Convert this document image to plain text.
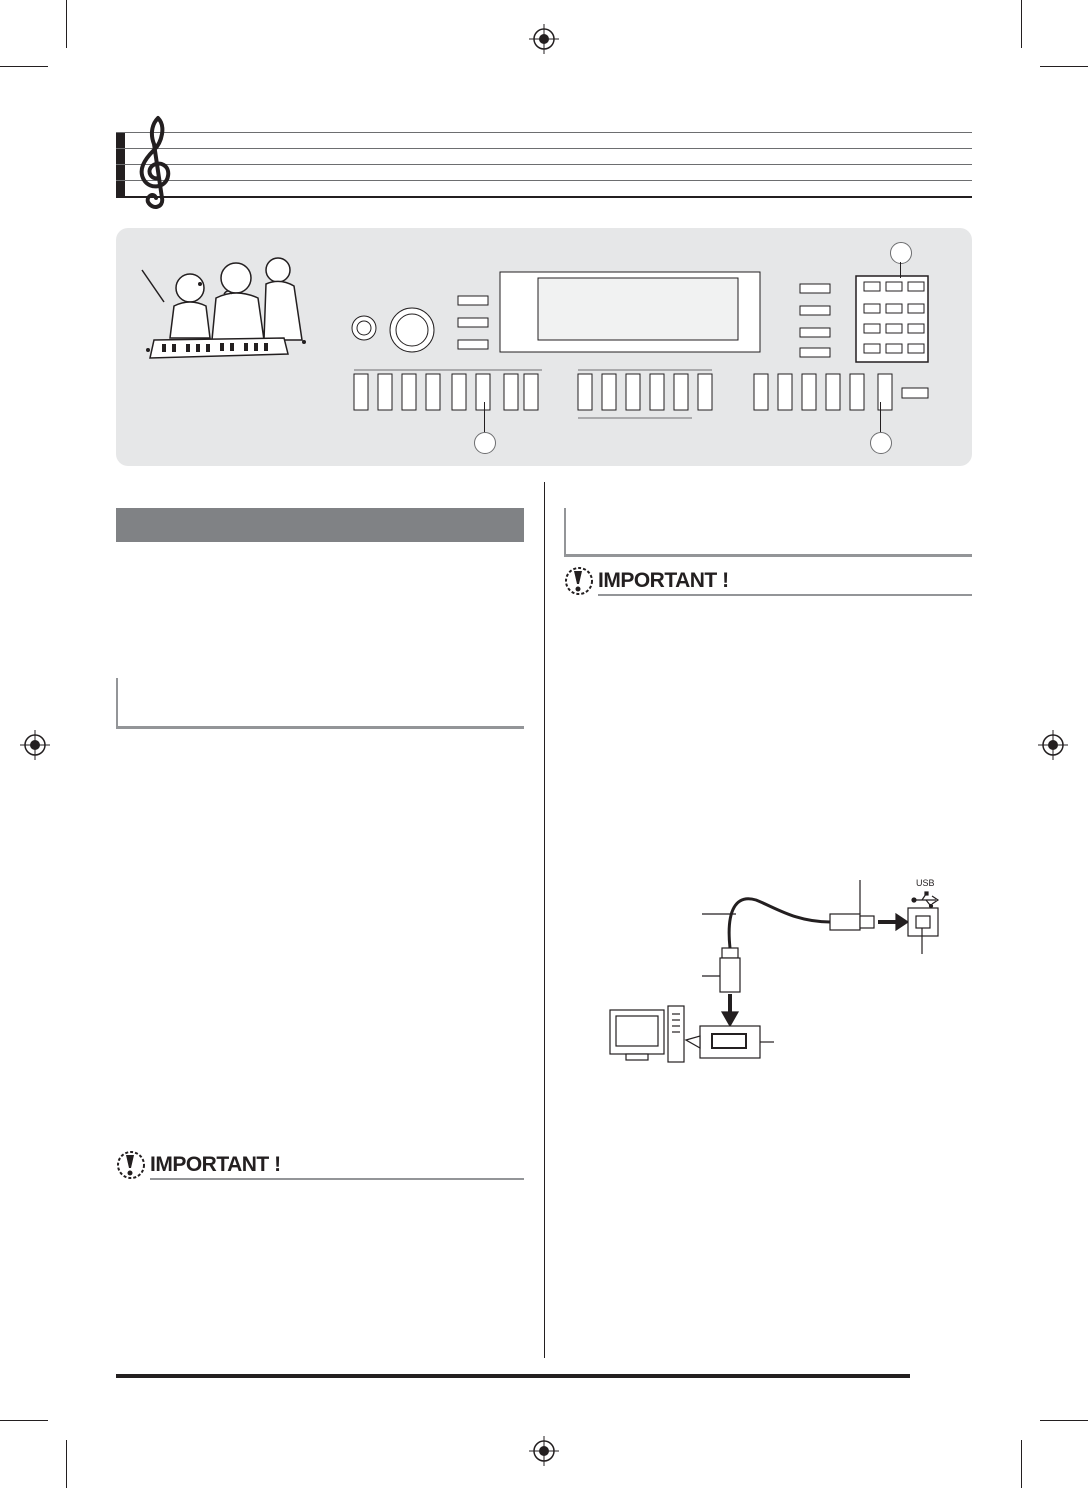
IMPORTANT !
IMPORTANT !
USB
